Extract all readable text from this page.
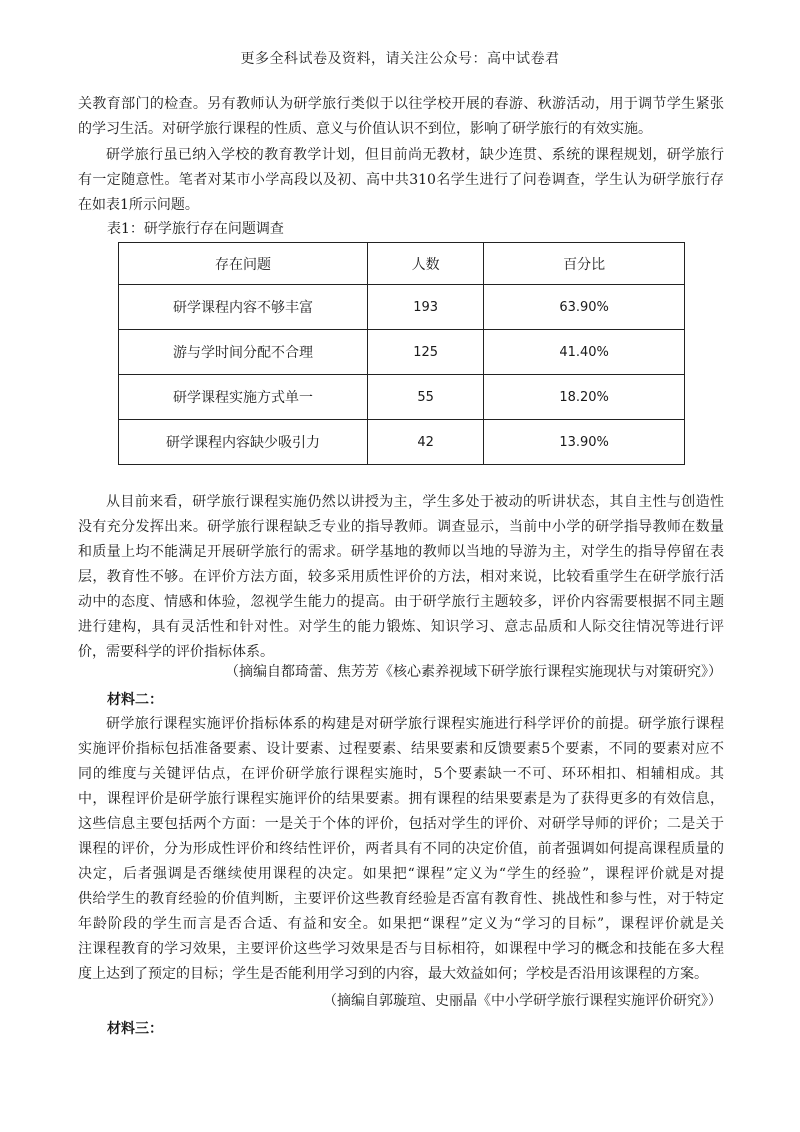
更多全科试卷及资料，请关注公众号：高中试卷君
关教育部门的检查。另有教师认为研学旅行类似于以往学校开展的春游、秋游活动，用于调节学生紧张
的学习生活。对研学旅行课程的性质、意义与价值认识不到位，影响了研学旅行的有效实施。
研学旅行虽已纳入学校的教育教学计划，但目前尚无教材，缺少连贯、系统的课程规划，研学旅行
有一定随意性。笔者对某市小学高段以及初、高中共310名学生进行了问卷调查，学生认为研学旅行存
在如表1所示问题。
表1：研学旅行存在问题调查
存在问题	人数	百分比
研学课程内容不够丰富	193	63.90%
游与学时间分配不合理	125	41.40%
研学课程实施方式单一	55	18.20%
研学课程内容缺少吸引力	42	13.90%
从目前来看，研学旅行课程实施仍然以讲授为主，学生多处于被动的听讲状态，其自主性与创造性
没有充分发挥出来。研学旅行课程缺乏专业的指导教师。调查显示，当前中小学的研学指导教师在数量
和质量上均不能满足开展研学旅行的需求。研学基地的教师以当地的导游为主，对学生的指导停留在表
层，教育性不够。在评价方法方面，较多采用质性评价的方法，相对来说，比较看重学生在研学旅行活
动中的态度、情感和体验，忽视学生能力的提高。由于研学旅行主题较多，评价内容需要根据不同主题
进行建构，具有灵活性和针对性。对学生的能力锻炼、知识学习、意志品质和人际交往情况等进行评
价，需要科学的评价指标体系。
（摘编自都琦蕾、焦芳芳《核心素养视域下研学旅行课程实施现状与对策研究》）
材料二：
研学旅行课程实施评价指标体系的构建是对研学旅行课程实施进行科学评价的前提。研学旅行课程
实施评价指标包括准备要素、设计要素、过程要素、结果要素和反馈要素5个要素，不同的要素对应不
同的维度与关键评估点，在评价研学旅行课程实施时，5个要素缺一不可、环环相扣、相辅相成。其
中，课程评价是研学旅行课程实施评价的结果要素。拥有课程的结果要素是为了获得更多的有效信息，
这些信息主要包括两个方面：一是关于个体的评价，包括对学生的评价、对研学导师的评价；二是关于
课程的评价，分为形成性评价和终结性评价，两者具有不同的决定价值，前者强调如何提高课程质量的
决定，后者强调是否继续使用课程的决定。如果把“课程”定义为“学生的经验”，课程评价就是对提
供给学生的教育经验的价值判断，主要评价这些教育经验是否富有教育性、挑战性和参与性，对于特定
年龄阶段的学生而言是否合适、有益和安全。如果把“课程”定义为“学习的目标”，课程评价就是关
注课程教育的学习效果，主要评价这些学习效果是否与目标相符，如课程中学习的概念和技能在多大程
度上达到了预定的目标；学生是否能利用学习到的内容，最大效益如何；学校是否沿用该课程的方案。
（摘编自郭璇瑄、史丽晶《中小学研学旅行课程实施评价研究》）
材料三：
